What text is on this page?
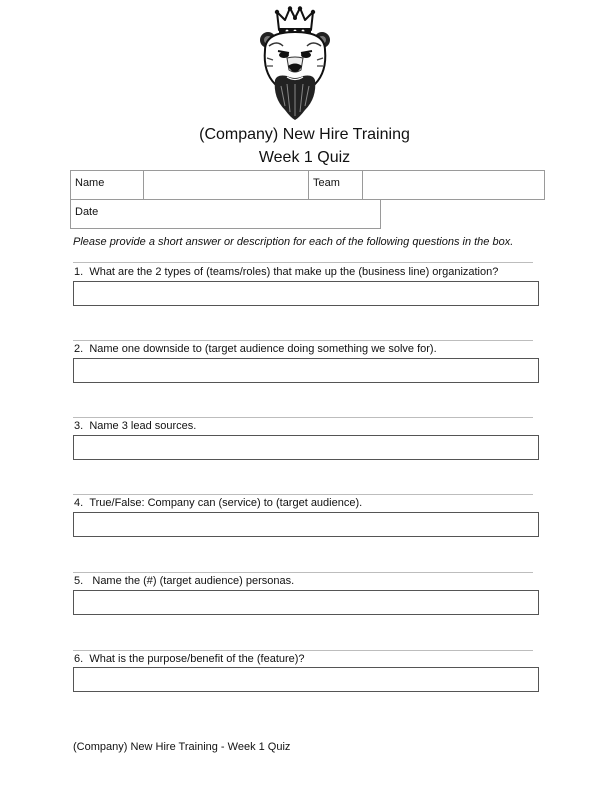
(Company) New Hire Training
Week 1 Quiz
Name	Team
Date
Please provide a short answer or description for each of the following questions in the box.
1. What are the 2 types of (teams/roles) that make up the (business line) organization?
2. Name one downside to (target audience doing something we solve for).
3. Name 3 lead sources.
4. True/False: Company can (service) to (target audience).
5.   Name the (#) (target audience) personas.
6. What is the purpose/benefit of the (feature)?
(Company) New Hire Training - Week 1 Quiz
